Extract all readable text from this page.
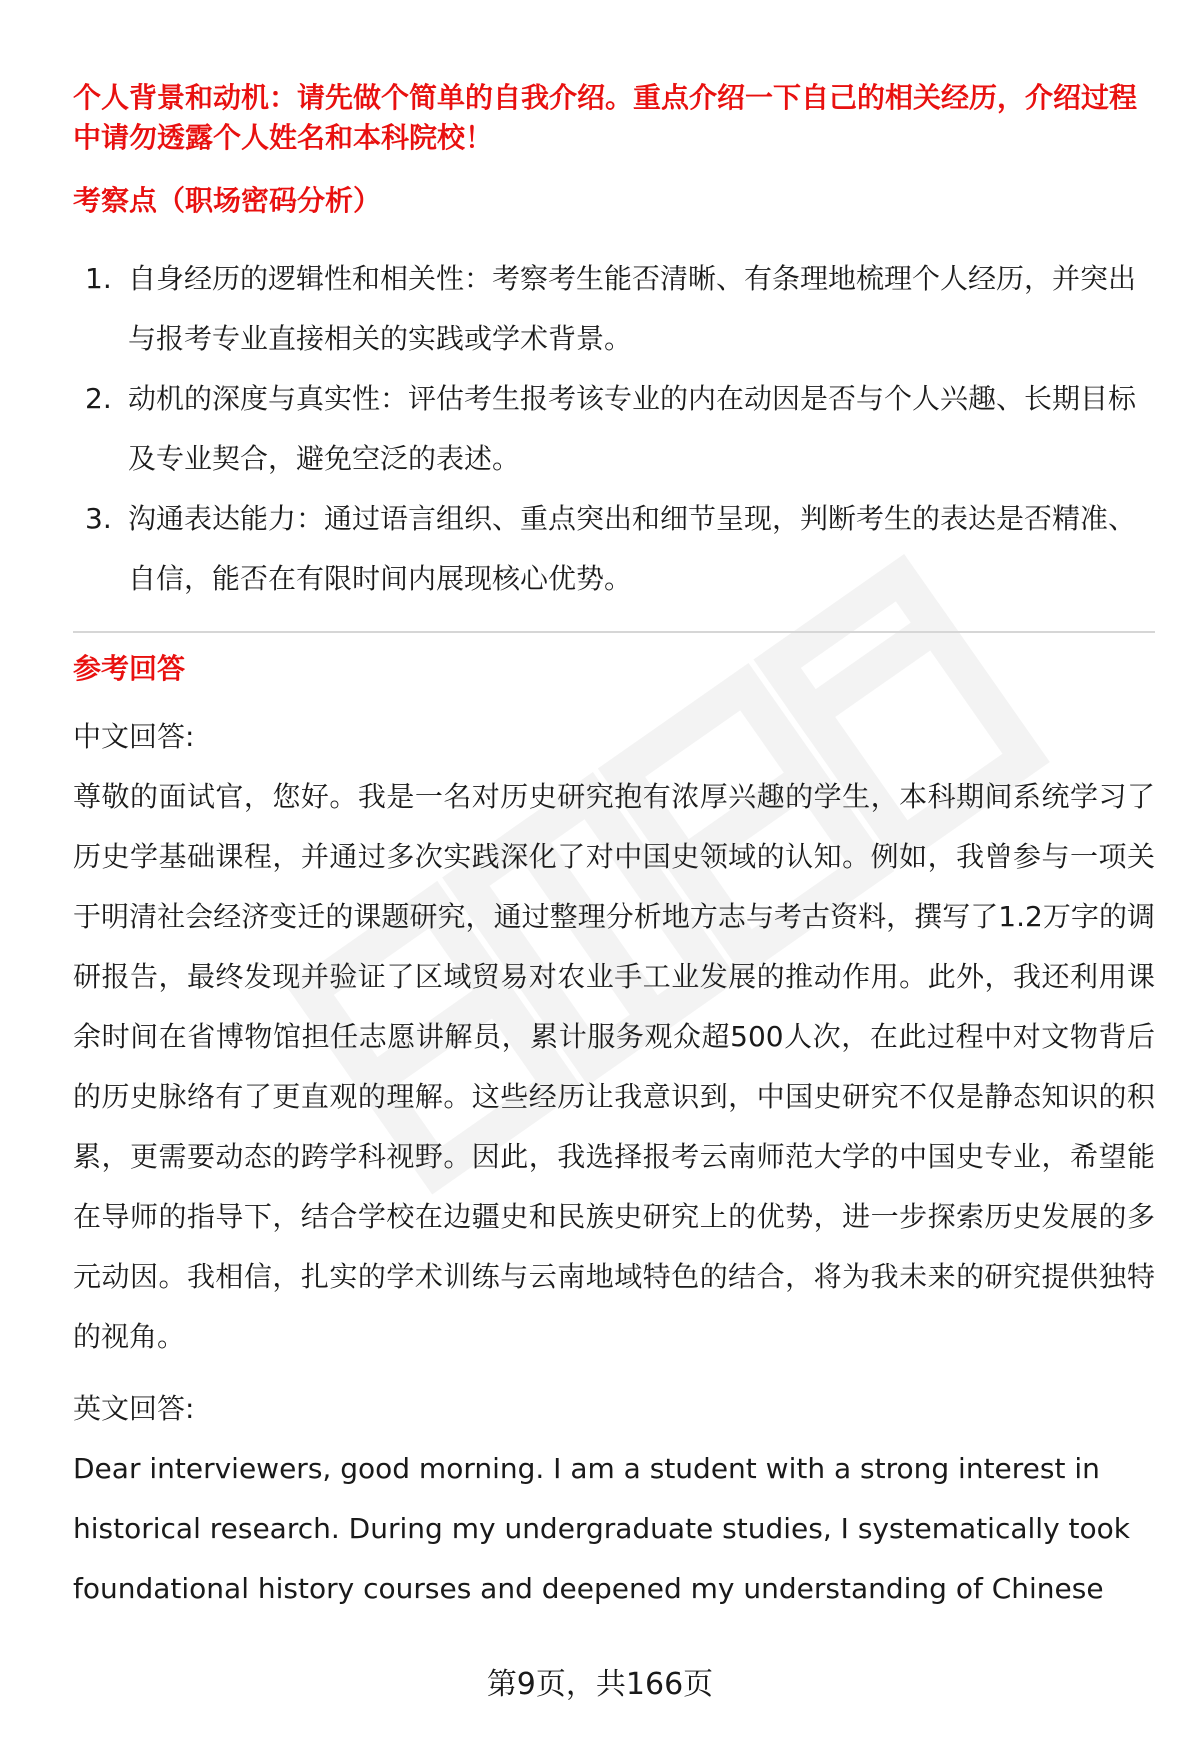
个人背景和动机：请先做个简单的自我介绍。重点介绍一下自己的相关经历，介绍过程中请勿透露个人姓名和本科院校！

考察点（职场密码分析）

1. 自身经历的逻辑性和相关性：考察考生能否清晰、有条理地梳理个人经历，并突出与报考专业直接相关的实践或学术背景。
2. 动机的深度与真实性：评估考生报考该专业的内在动因是否与个人兴趣、长期目标及专业契合，避免空泛的表述。
3. 沟通表达能力：通过语言组织、重点突出和细节呈现，判断考生的表达是否精准、自信，能否在有限时间内展现核心优势。

参考回答

中文回答:

尊敬的面试官，您好。我是一名对历史研究抱有浓厚兴趣的学生，本科期间系统学习了历史学基础课程，并通过多次实践深化了对中国史领域的认知。例如，我曾参与一项关于明清社会经济变迁的课题研究，通过整理分析地方志与考古资料，撰写了1.2万字的调研报告，最终发现并验证了区域贸易对农业手工业发展的推动作用。此外，我还利用课余时间在省博物馆担任志愿讲解员，累计服务观众超500人次，在此过程中对文物背后的历史脉络有了更直观的理解。这些经历让我意识到，中国史研究不仅是静态知识的积累，更需要动态的跨学科视野。因此，我选择报考云南师范大学的中国史专业，希望能在导师的指导下，结合学校在边疆史和民族史研究上的优势，进一步探索历史发展的多元动因。我相信，扎实的学术训练与云南地域特色的结合，将为我未来的研究提供独特的视角。

英文回答:

Dear interviewers, good morning. I am a student with a strong interest in historical research. During my undergraduate studies, I systematically took foundational history courses and deepened my understanding of Chinese

第9页，共166页
